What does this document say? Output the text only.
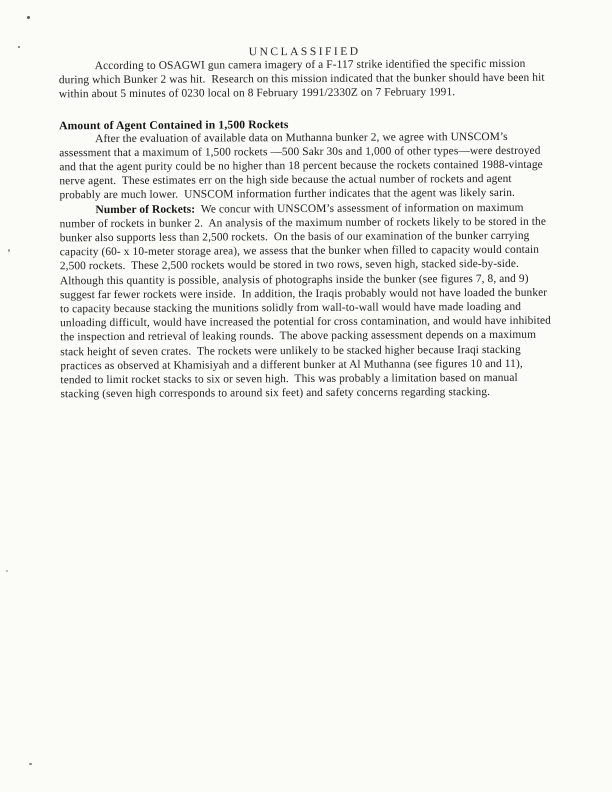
UNCLASSIFIED

According to OSAGWI gun camera imagery of a F-117 strike identified the specific mission during which Bunker 2 was hit.  Research on this mission indicated that the bunker should have been hit within about 5 minutes of 0230 local on 8 February 1991/2330Z on 7 February 1991.

Amount of Agent Contained in 1,500 Rockets

After the evaluation of available data on Muthanna bunker 2, we agree with UNSCOM’s assessment that a maximum of 1,500 rockets —500 Sakr 30s and 1,000 of other types—were destroyed and that the agent purity could be no higher than 18 percent because the rockets contained 1988-vintage nerve agent.  These estimates err on the high side because the actual number of rockets and agent probably are much lower.  UNSCOM information further indicates that the agent was likely sarin.

Number of Rockets:  We concur with UNSCOM’s assessment of information on maximum number of rockets in bunker 2.  An analysis of the maximum number of rockets likely to be stored in the bunker also supports less than 2,500 rockets.  On the basis of our examination of the bunker carrying capacity (60- x 10-meter storage area), we assess that the bunker when filled to capacity would contain 2,500 rockets.  These 2,500 rockets would be stored in two rows, seven high, stacked side-by-side.  Although this quantity is possible, analysis of photographs inside the bunker (see figures 7, 8, and 9) suggest far fewer rockets were inside.  In addition, the Iraqis probably would not have loaded the bunker to capacity because stacking the munitions solidly from wall-to-wall would have made loading and unloading difficult, would have increased the potential for cross contamination, and would have inhibited the inspection and retrieval of leaking rounds.  The above packing assessment depends on a maximum stack height of seven crates.  The rockets were unlikely to be stacked higher because Iraqi stacking practices as observed at Khamisiyah and a different bunker at Al Muthanna (see figures 10 and 11), tended to limit rocket stacks to six or seven high.  This was probably a limitation based on manual stacking (seven high corresponds to around six feet) and safety concerns regarding stacking.
